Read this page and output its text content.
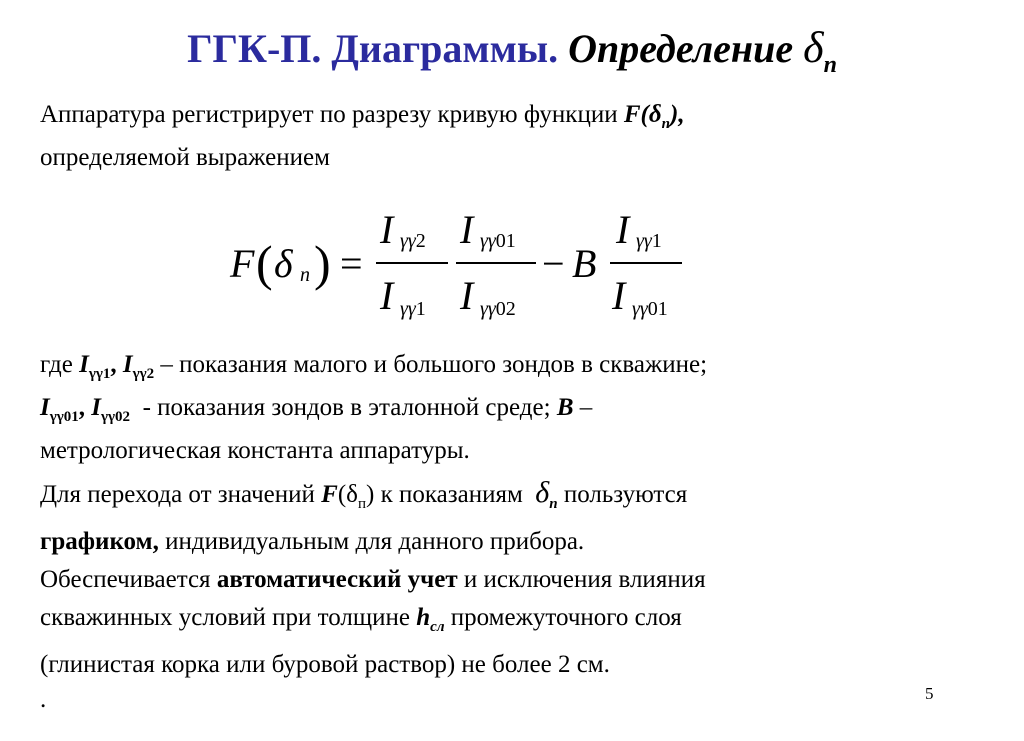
ГГК-П. Диаграммы. Определение $\delta_n$
Аппаратура регистрирует по разрезу кривую функции $F(\delta_n)$,
определяемой выражением
F ( δ n ) =
I γγ2
I γγ1
I γγ01
I γγ02
− B
I γγ1
I γγ01
где $I_{\gamma\gamma 1}$, $I_{\gamma\gamma 2}$ – показания малого и большого зондов в скважине;
$I_{\gamma\gamma 01}$, $I_{\gamma\gamma 02}$  - показания зондов в эталонной среде; B –
метрологическая константа аппаратуры.
Для перехода от значений $F(\delta_п)$ к показаниям  $\delta_n$ пользуются
графиком, индивидуальным для данного прибора.
Обеспечивается автоматический учет и исключения влияния
скважинных условий при толщине $h_{сл}$ промежуточного слоя
(глинистая корка или буровой раствор) не более 2 см.
.	5
